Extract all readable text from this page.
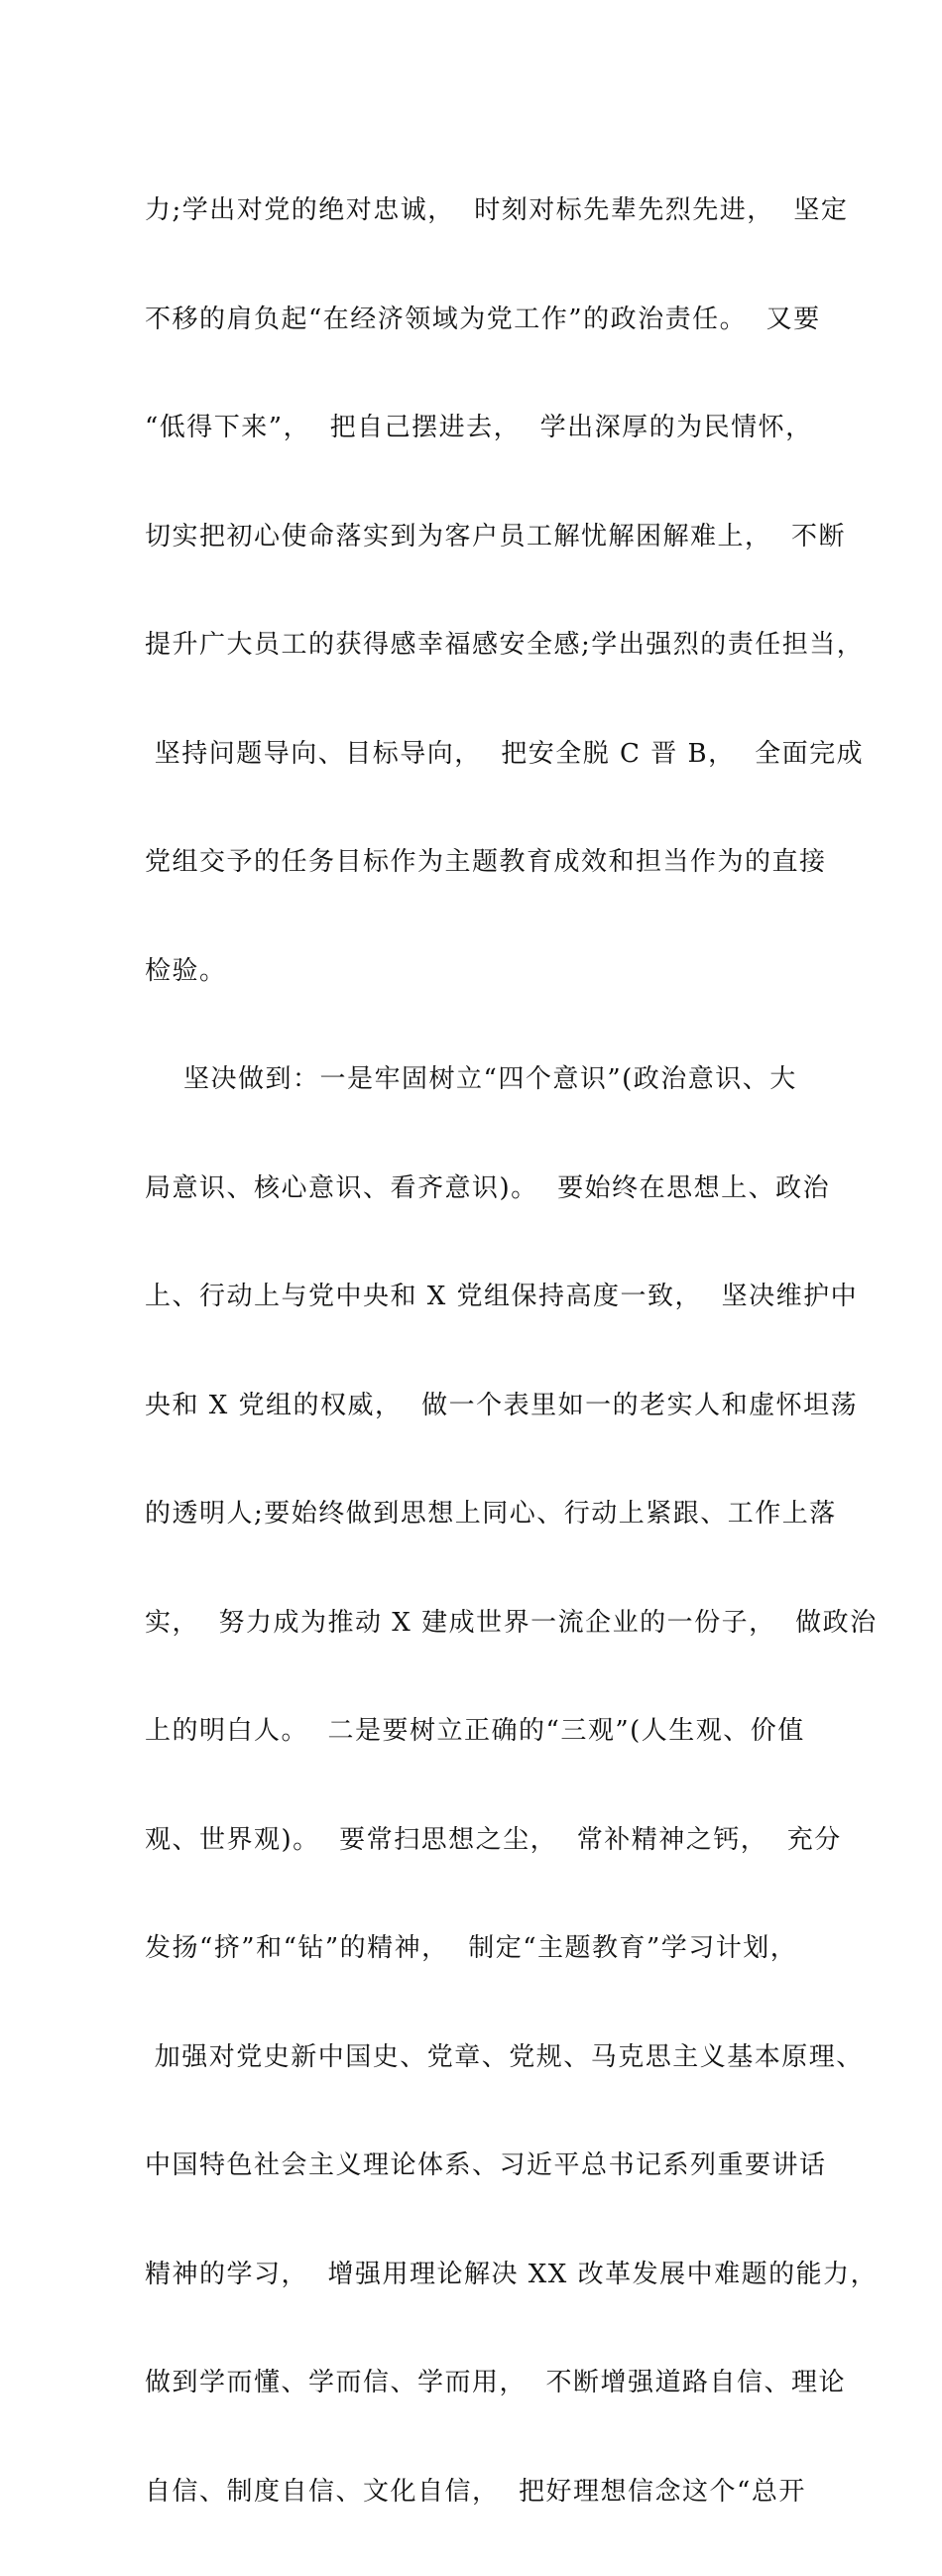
力;学出对党的绝对忠诚，  时刻对标先辈先烈先进，  坚定

不移的肩负起“在经济领域为党工作”的政治责任。  又要

“低得下来”，  把自己摆进去，  学出深厚的为民情怀，

切实把初心使命落实到为客户员工解忧解困解难上，  不断

提升广大员工的获得感幸福感安全感;学出强烈的责任担当，

坚持问题导向、目标导向，  把安全脱 C 晋 B，  全面完成

党组交予的任务目标作为主题教育成效和担当作为的直接

检验。

坚决做到：一是牢固树立“四个意识”(政治意识、大

局意识、核心意识、看齐意识)。  要始终在思想上、政治

上、行动上与党中央和 X 党组保持高度一致，  坚决维护中

央和 X 党组的权威，  做一个表里如一的老实人和虚怀坦荡

的透明人;要始终做到思想上同心、行动上紧跟、工作上落

实，  努力成为推动 X 建成世界一流企业的一份子，  做政治

上的明白人。  二是要树立正确的“三观”(人生观、价值

观、世界观)。  要常扫思想之尘，  常补精神之钙，  充分

发扬“挤”和“钻”的精神，  制定“主题教育”学习计划，

加强对党史新中国史、党章、党规、马克思主义基本原理、

中国特色社会主义理论体系、习近平总书记系列重要讲话

精神的学习，  增强用理论解决 XX 改革发展中难题的能力，

做到学而懂、学而信、学而用，  不断增强道路自信、理论

自信、制度自信、文化自信，  把好理想信念这个“总开
